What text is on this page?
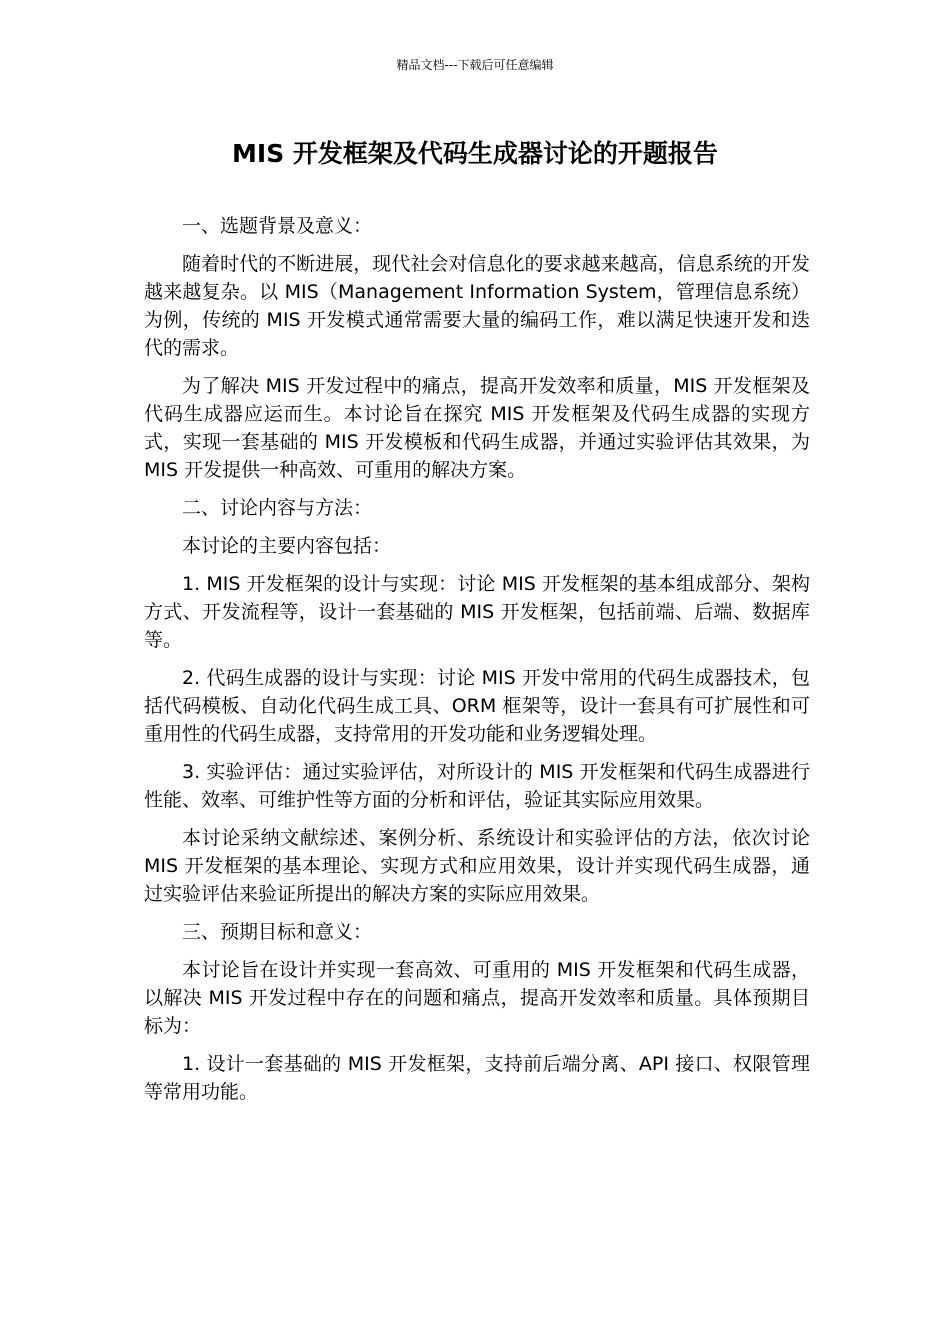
精品文档---下载后可任意编辑
MIS 开发框架及代码生成器讨论的开题报告

一、选题背景及意义：

随着时代的不断进展，现代社会对信息化的要求越来越高，信息系统的开发越来越复杂。以 MIS（Management Information System，管理信息系统）为例，传统的 MIS 开发模式通常需要大量的编码工作，难以满足快速开发和迭代的需求。

为了解决 MIS 开发过程中的痛点，提高开发效率和质量，MIS 开发框架及代码生成器应运而生。本讨论旨在探究 MIS 开发框架及代码生成器的实现方式，实现一套基础的 MIS 开发模板和代码生成器，并通过实验评估其效果，为 MIS 开发提供一种高效、可重用的解决方案。

二、讨论内容与方法：

本讨论的主要内容包括：

1. MIS 开发框架的设计与实现：讨论 MIS 开发框架的基本组成部分、架构方式、开发流程等，设计一套基础的 MIS 开发框架，包括前端、后端、数据库等。

2. 代码生成器的设计与实现：讨论 MIS 开发中常用的代码生成器技术，包括代码模板、自动化代码生成工具、ORM 框架等，设计一套具有可扩展性和可重用性的代码生成器，支持常用的开发功能和业务逻辑处理。

3. 实验评估：通过实验评估，对所设计的 MIS 开发框架和代码生成器进行性能、效率、可维护性等方面的分析和评估，验证其实际应用效果。

本讨论采纳文献综述、案例分析、系统设计和实验评估的方法，依次讨论 MIS 开发框架的基本理论、实现方式和应用效果，设计并实现代码生成器，通过实验评估来验证所提出的解决方案的实际应用效果。

三、预期目标和意义：

本讨论旨在设计并实现一套高效、可重用的 MIS 开发框架和代码生成器，以解决 MIS 开发过程中存在的问题和痛点，提高开发效率和质量。具体预期目标为：

1. 设计一套基础的 MIS 开发框架，支持前后端分离、API 接口、权限管理等常用功能。
